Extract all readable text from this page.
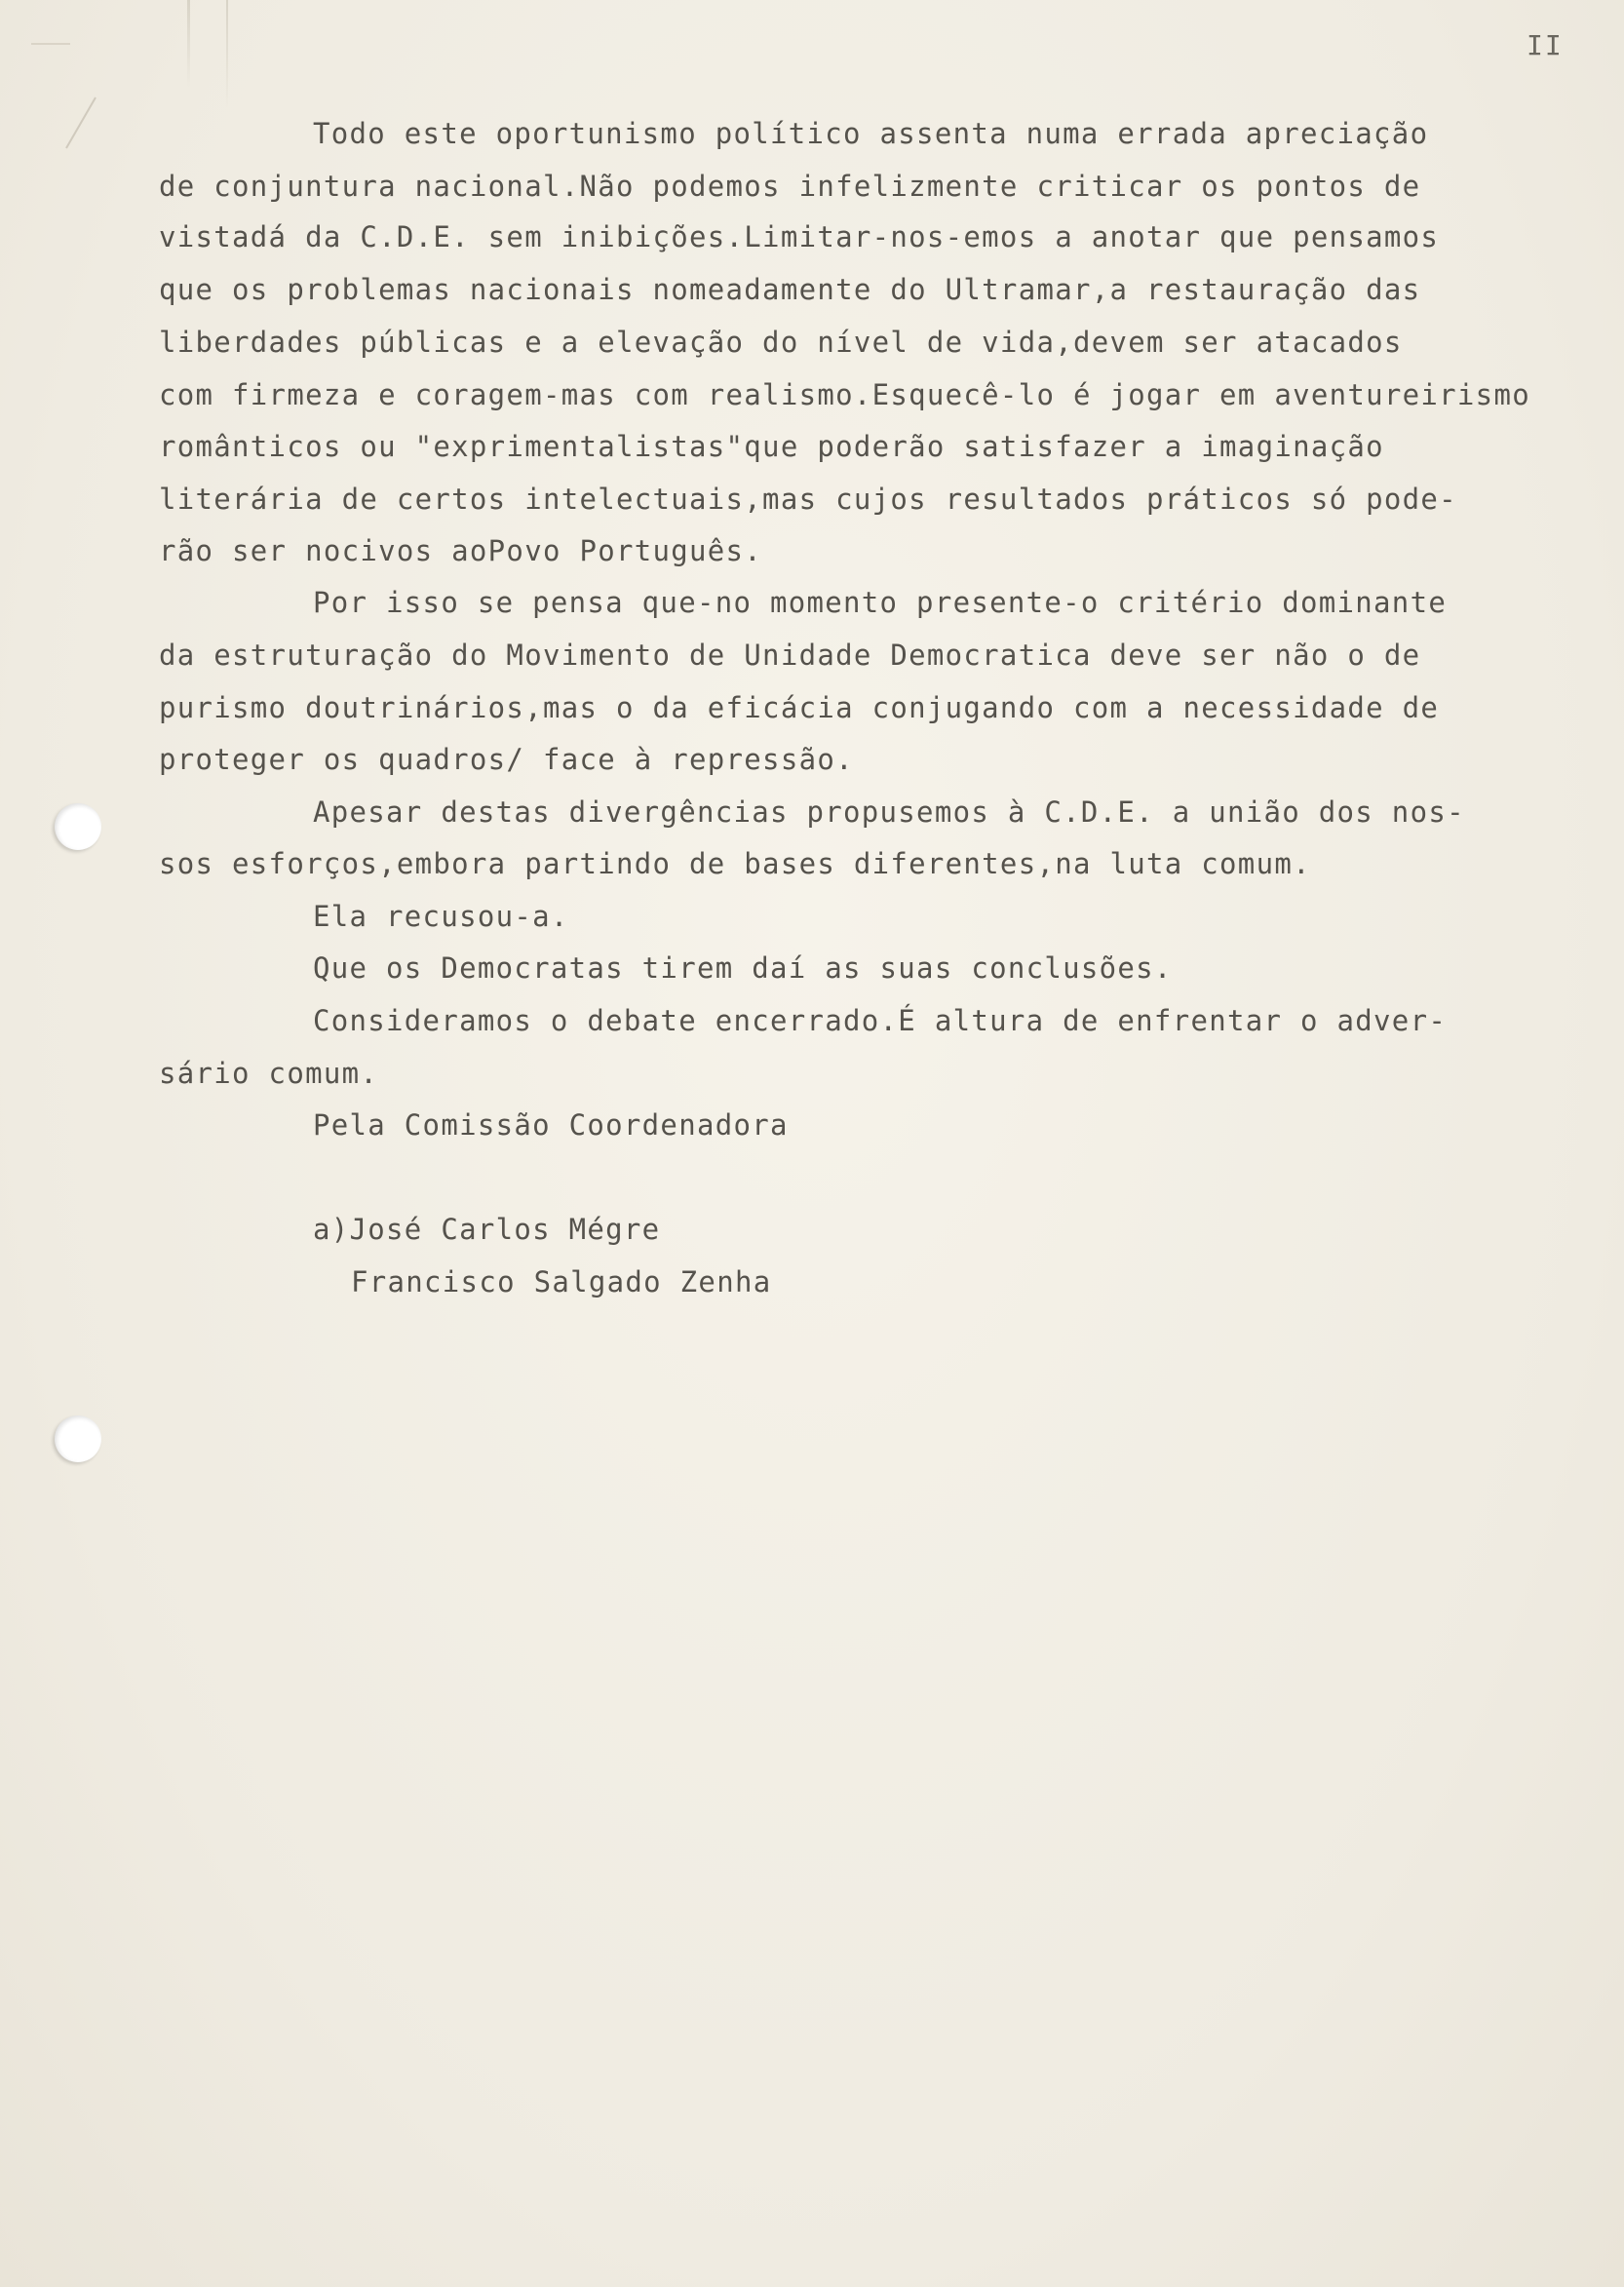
II
Todo este oportunismo político assenta numa errada apreciação
de conjuntura nacional.Não podemos infelizmente criticar os pontos de
vistadá da C.D.E. sem inibições.Limitar-nos-emos a anotar que pensamos
que os problemas nacionais nomeadamente do Ultramar,a restauração das
liberdades públicas e a elevação do nível de vida,devem ser atacados
com firmeza e coragem-mas com realismo.Esquecê-lo é jogar em aventureirismo
românticos ou "exprimentalistas"que poderão satisfazer a imaginação
literária de certos intelectuais,mas cujos resultados práticos só pode-
rão ser nocivos aoPovo Português.
Por isso se pensa que-no momento presente-o critério dominante
da estruturação do Movimento de Unidade Democratica deve ser não o de
purismo doutrinários,mas o da eficácia conjugando com a necessidade de
proteger os quadros/ face à repressão.
Apesar destas divergências propusemos à C.D.E. a união dos nos-
sos esforços,embora partindo de bases diferentes,na luta comum.
Ela recusou-a.
Que os Democratas tirem daí as suas conclusões.
Consideramos o debate encerrado.É altura de enfrentar o adver-
sário comum.
Pela Comissão Coordenadora
a)José Carlos Mégre
Francisco Salgado Zenha
